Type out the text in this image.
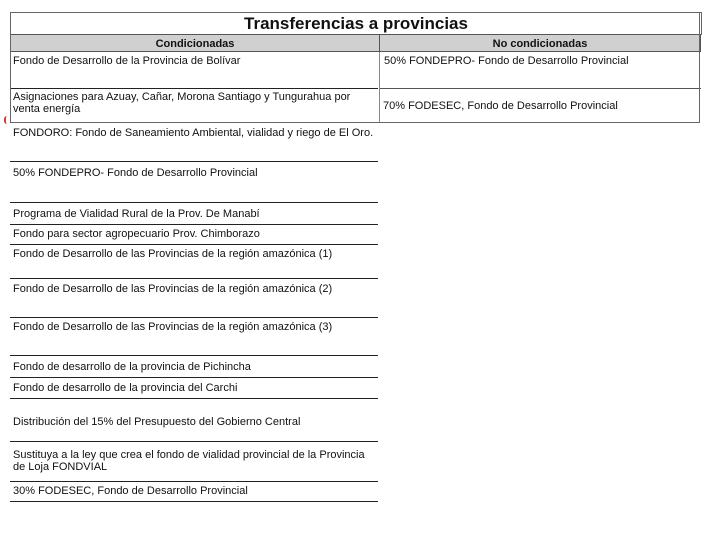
Transferencias a provincias
Condicionadas	No condicionadas
Fondo de Desarrollo de la Provincia de Bolívar
Asignaciones para Azuay, Cañar, Morona Santiago y Tungurahua por venta energía
FONDORO: Fondo de Saneamiento Ambiental, vialidad y riego de El Oro.
50% FONDEPRO- Fondo de Desarrollo Provincial
Programa de Vialidad Rural de la Prov. De Manabí
Fondo para sector agropecuario Prov. Chimborazo
Fondo de Desarrollo de las Provincias de la región amazónica (1)
Fondo de Desarrollo de las Provincias de la región amazónica (2)
Fondo de Desarrollo de las Provincias de la región amazónica (3)
Fondo de desarrollo de la provincia de Pichincha
Fondo de desarrollo de la provincia del Carchi
Distribución del 15% del Presupuesto del Gobierno Central
Sustituya a la ley que crea el fondo de vialidad provincial de la Provincia de Loja FONDVIAL
30% FODESEC, Fondo de Desarrollo Provincial
50% FONDEPRO- Fondo de Desarrollo Provincial
70% FODESEC, Fondo de Desarrollo Provincial
